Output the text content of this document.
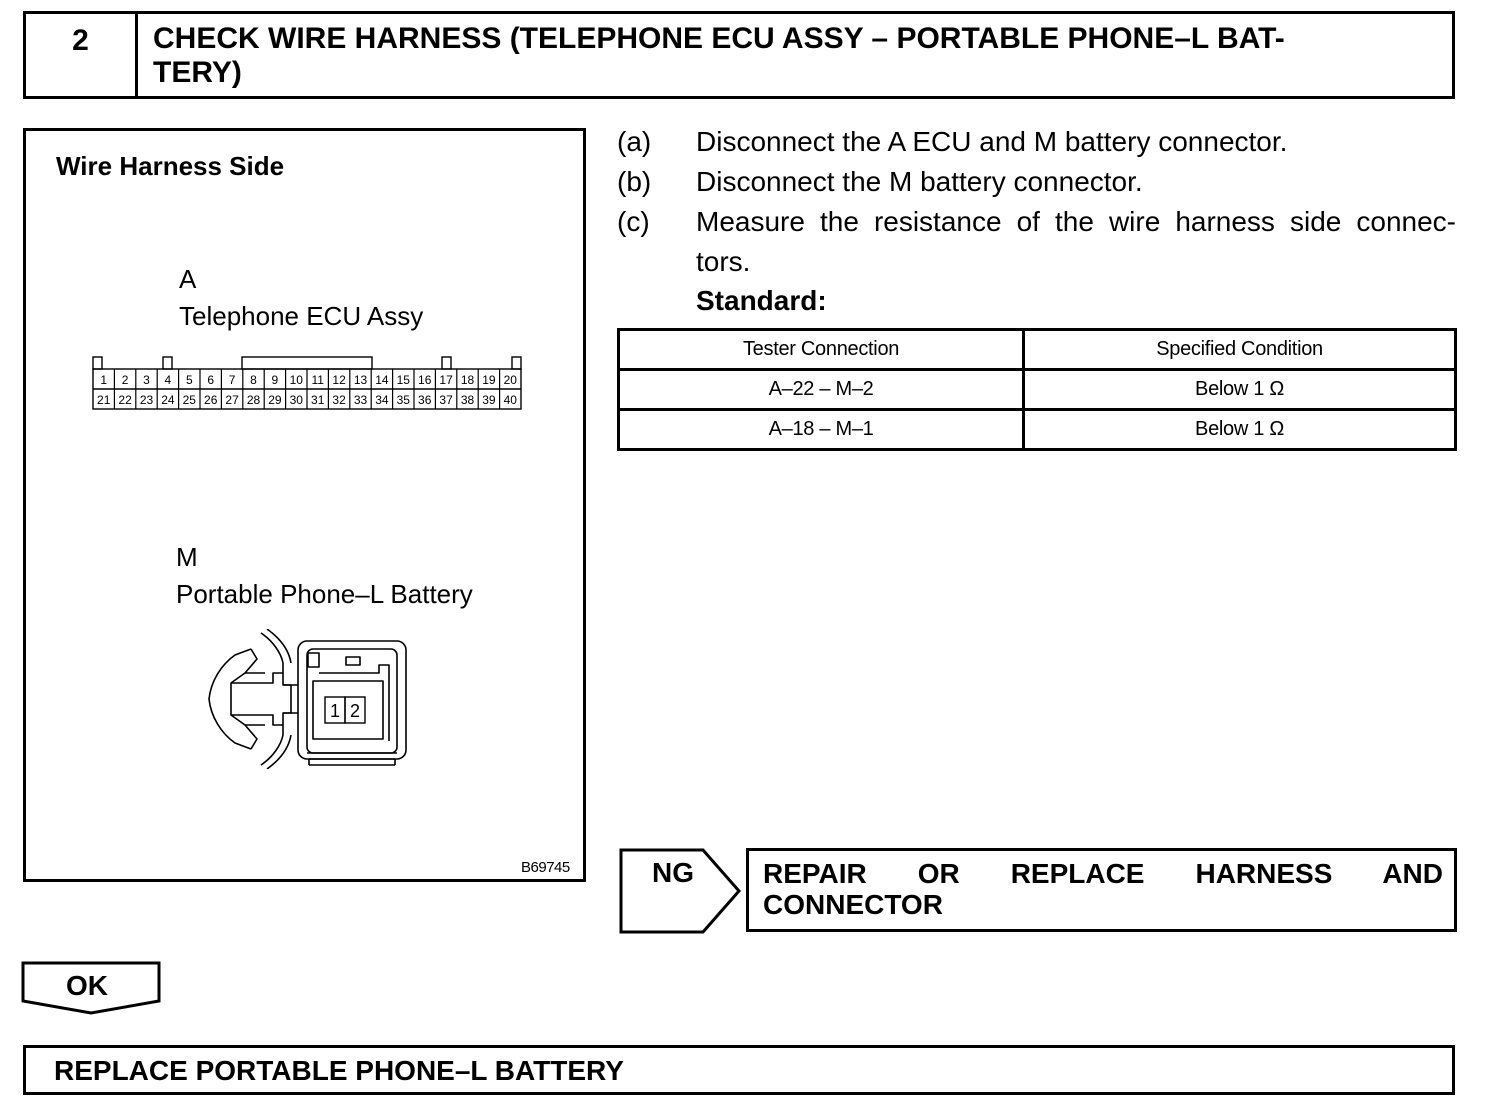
2	CHECK WIRE HARNESS (TELEPHONE ECU ASSY – PORTABLE PHONE–L BAT-
TERY)
Wire Harness Side
A
Telephone ECU Assy
1 2 3 4 5 6 7 8 9 10 11 12 13 14 15 16 17 18 19 20
21 22 23 24 25 26 27 28 29 30 31 32 33 34 35 36 37 38 39 40
M
Portable Phone–L Battery
1 2
B69745
(a) Disconnect the A ECU and M battery connector.
(b) Disconnect the M battery connector.
(c) Measure the resistance of the wire harness side connec-
tors.
Standard:
Tester Connection	Specified Condition
A–22 – M–2	Below 1 Ω
A–18 – M–1	Below 1 Ω
NG REPAIR OR REPLACE HARNESS AND
CONNECTOR
OK
REPLACE PORTABLE PHONE–L BATTERY
